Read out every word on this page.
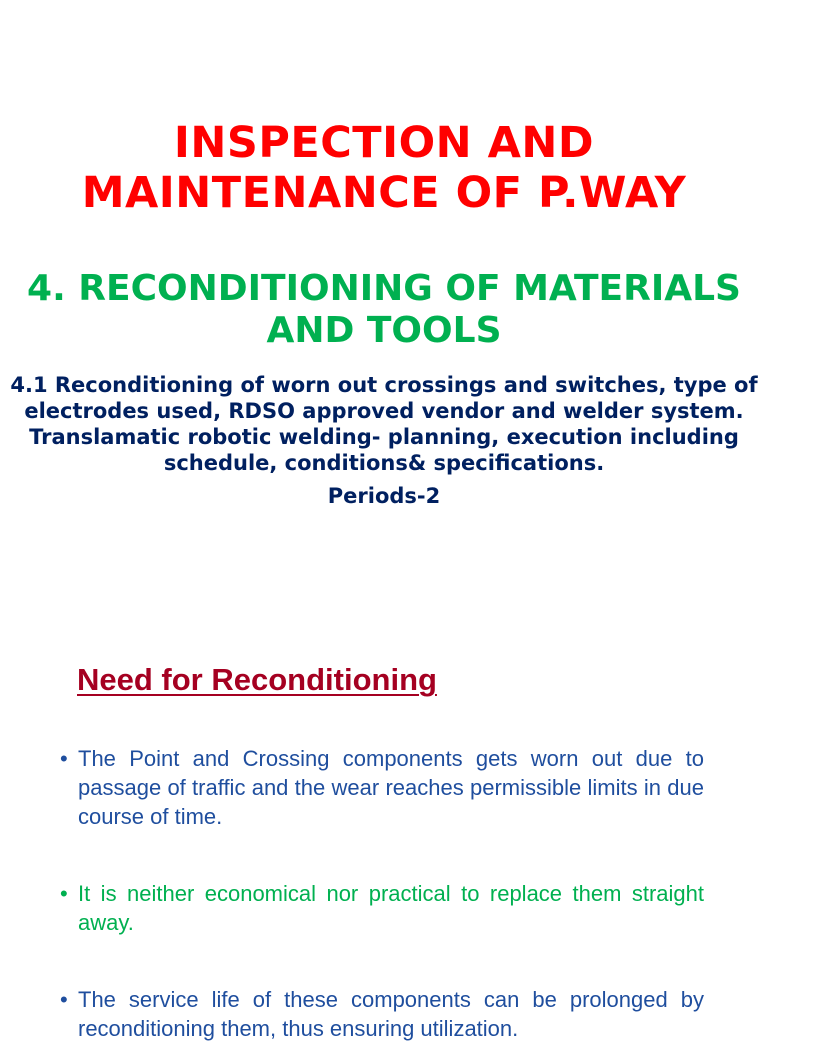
INSPECTION AND
MAINTENANCE OF P.WAY
4. RECONDITIONING OF MATERIALS
AND TOOLS

4.1 Reconditioning of worn out crossings and switches, type of
electrodes used, RDSO approved vendor and welder system.
Translamatic robotic welding- planning, execution including
schedule, conditions& specifications.

Periods-2

Need for Reconditioning
• The Point and Crossing components gets worn out due to passage of traffic and the wear reaches permissible limits in due course of time.
• It is neither economical nor practical to replace them straight away.
• The service life of these components can be prolonged by reconditioning them, thus ensuring utilization.
